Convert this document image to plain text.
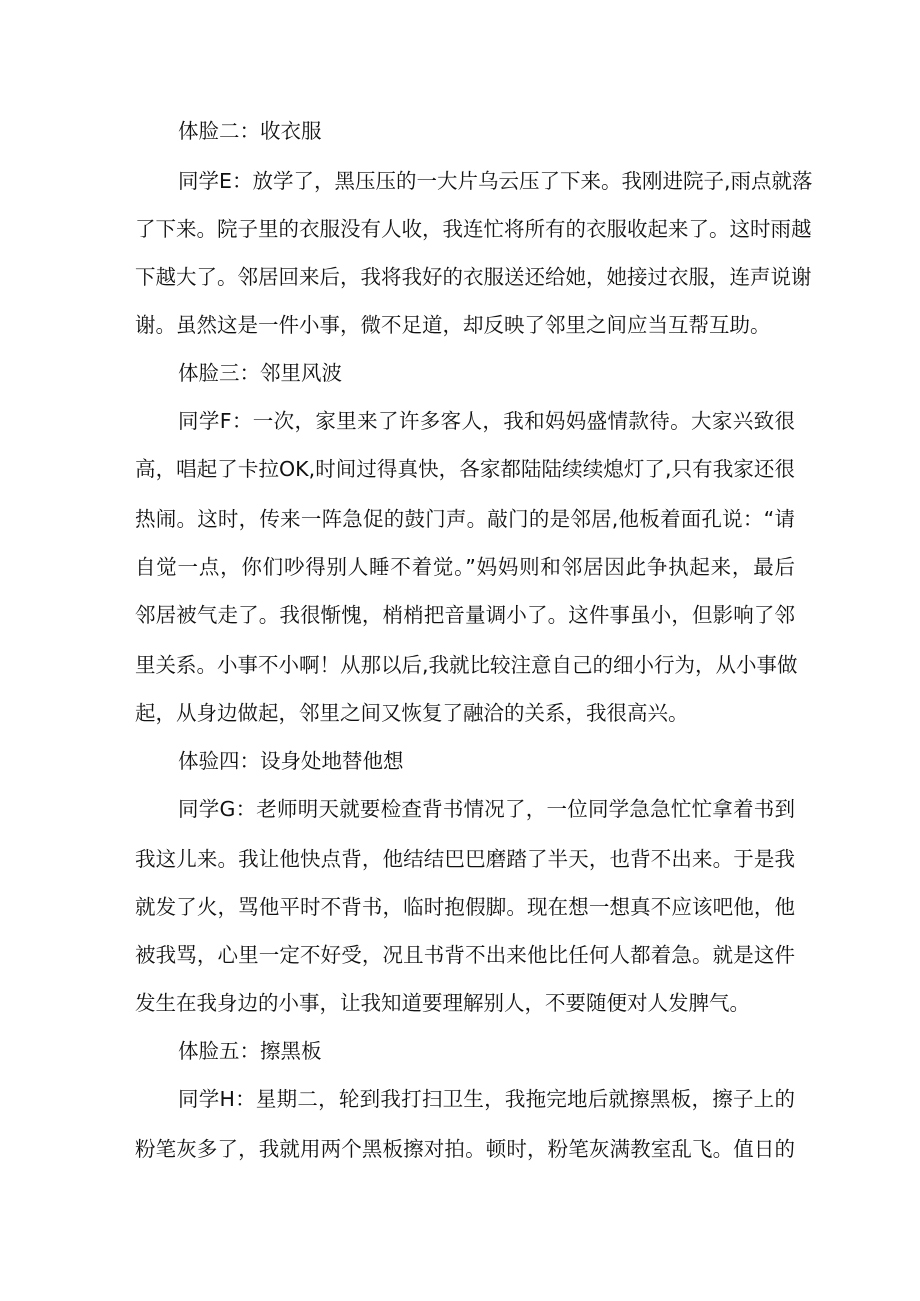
体脸二：收衣服
同学E：放学了，黑压压的一大片乌云压了下来。我刚进院子,雨点就落
了下来。院子里的衣服没有人收，我连忙将所有的衣服收起来了。这时雨越
下越大了。邻居回来后，我将我好的衣服送还给她，她接过衣服，连声说谢
谢。虽然这是一件小事，微不足道，却反映了邻里之间应当互帮互助。
体脸三：邻里风波
同学F：一次，家里来了许多客人，我和妈妈盛情款待。大家兴致很
高，唱起了卡拉OK,时间过得真快，各家都陆陆续续熄灯了,只有我家还很
热闹。这时，传来一阵急促的鼓门声。敲门的是邻居,他板着面孔说：“请
自觉一点，你们吵得别人睡不着觉。”妈妈则和邻居因此争执起来，最后
邻居被气走了。我很惭愧，梢梢把音量调小了。这件事虽小，但影响了邻
里关系。小事不小啊！从那以后,我就比较注意自己的细小行为，从小事做
起，从身边做起，邻里之间又恢复了融洽的关系，我很高兴。
体验四：设身处地替他想
同学G：老师明天就要检查背书情况了，一位同学急急忙忙拿着书到
我这儿来。我让他快点背，他结结巴巴磨踏了半天，也背不出来。于是我
就发了火，骂他平时不背书，临时抱假脚。现在想一想真不应该吧他，他
被我骂，心里一定不好受，况且书背不出来他比任何人都着急。就是这件
发生在我身边的小事，让我知道要理解别人，不要随便对人发脾气。
体脸五：擦黑板
同学H：星期二，轮到我打扫卫生，我拖完地后就擦黑板，擦子上的
粉笔灰多了，我就用两个黑板擦对拍。顿时，粉笔灰满教室乱飞。值日的
